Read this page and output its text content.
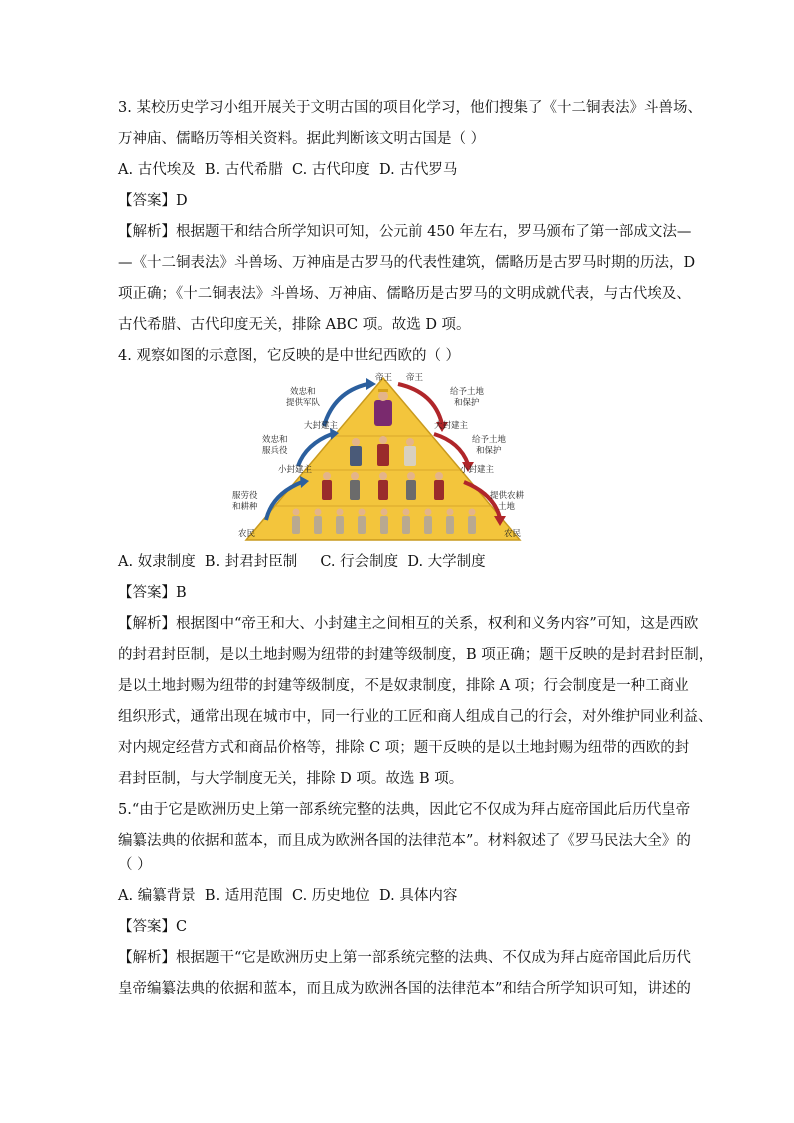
3. 某校历史学习小组开展关于文明古国的项目化学习，他们搜集了《十二铜表法》斗兽场、

万神庙、儒略历等相关资料。据此判断该文明古国是（ ）

A. 古代埃及  B. 古代希腊  C. 古代印度  D. 古代罗马

【答案】D

【解析】根据题干和结合所学知识可知，公元前 450 年左右，罗马颁布了第一部成文法—

—《十二铜表法》斗兽场、万神庙是古罗马的代表性建筑，儒略历是古罗马时期的历法，D

项正确；《十二铜表法》斗兽场、万神庙、儒略历是古罗马的文明成就代表，与古代埃及、

古代希腊、古代印度无关，排除 ABC 项。故选 D 项。

4. 观察如图的示意图，它反映的是中世纪西欧的（ ）

帝王 帝王
效忠和
提供军队
大封建主
效忠和
服兵役
小封建主
服劳役
和耕种
农民
给予土地
和保护
大封建主
给予土地
和保护
小封建主
提供农耕
土地
农民

A. 奴隶制度  B. 封君封臣制     C. 行会制度  D. 大学制度

【答案】B

【解析】根据图中“帝王和大、小封建主之间相互的关系，权利和义务内容”可知，这是西欧

的封君封臣制，是以土地封赐为纽带的封建等级制度，B 项正确；题干反映的是封君封臣制，

是以土地封赐为纽带的封建等级制度，不是奴隶制度，排除 A 项；行会制度是一种工商业

组织形式，通常出现在城市中，同一行业的工匠和商人组成自己的行会，对外维护同业利益、

对内规定经营方式和商品价格等，排除 C 项；题干反映的是以土地封赐为纽带的西欧的封

君封臣制，与大学制度无关，排除 D 项。故选 B 项。

5.“由于它是欧洲历史上第一部系统完整的法典，因此它不仅成为拜占庭帝国此后历代皇帝

编纂法典的依据和蓝本，而且成为欧洲各国的法律范本”。材料叙述了《罗马民法大全》的

（ ）

A. 编纂背景  B. 适用范围  C. 历史地位  D. 具体内容

【答案】C

【解析】根据题干“它是欧洲历史上第一部系统完整的法典、不仅成为拜占庭帝国此后历代

皇帝编纂法典的依据和蓝本，而且成为欧洲各国的法律范本”和结合所学知识可知，讲述的
